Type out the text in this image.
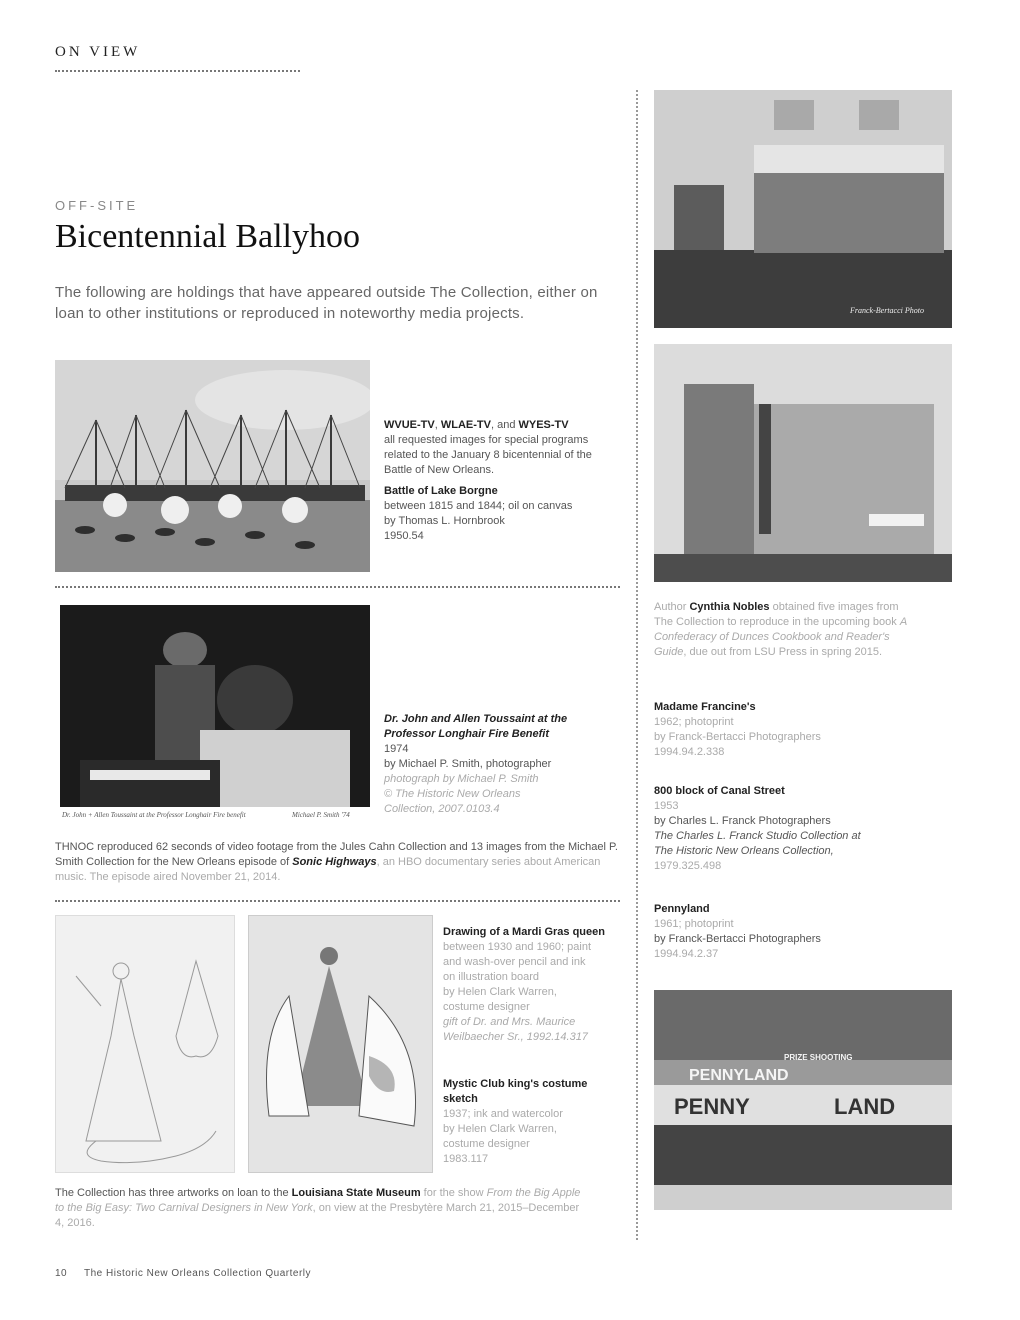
ON VIEW
OFF-SITE
Bicentennial Ballyhoo
The following are holdings that have appeared outside The Collection, either on loan to other institutions or reproduced in noteworthy media projects.
WVUE-TV, WLAE-TV, and WYES-TV
all requested images for special programs related to the January 8 bicentennial of the Battle of New Orleans.
Battle of Lake Borgne
between 1815 and 1844; oil on canvas
by Thomas L. Hornbrook
1950.54
Dr. John + Allen Toussaint at the Professor Longhair Fire benefit	Michael P. Smith '74
Dr. John and Allen Toussaint at the Professor Longhair Fire Benefit
1974
by Michael P. Smith, photographer
photograph by Michael P. Smith
© The Historic New Orleans
Collection, 2007.0103.4
THNOC reproduced 62 seconds of video footage from the Jules Cahn Collection and 13 images from the Michael P. Smith Collection for the New Orleans episode of Sonic Highways, an HBO documentary series about American music. The episode aired November 21, 2014.
Drawing of a Mardi Gras queen
between 1930 and 1960; paint
and wash-over pencil and ink
on illustration board
by Helen Clark Warren,
costume designer
gift of Dr. and Mrs. Maurice
Weilbaecher Sr., 1992.14.317
Mystic Club king's costume sketch
1937; ink and watercolor
by Helen Clark Warren,
costume designer
1983.117
The Collection has three artworks on loan to the Louisiana State Museum for the show From the Big Apple to the Big Easy: Two Carnival Designers in New York, on view at the Presbytère March 21, 2015–December 4, 2016.
Franck-Bertacci Photo
Author Cynthia Nobles obtained five images from The Collection to reproduce in the upcoming book A Confederacy of Dunces Cookbook and Reader's Guide, due out from LSU Press in spring 2015.
Madame Francine's
1962; photoprint
by Franck-Bertacci Photographers
1994.94.2.338
800 block of Canal Street
1953
by Charles L. Franck Photographers
The Charles L. Franck Studio Collection at
The Historic New Orleans Collection,
1979.325.498
Pennyland
1961; photoprint
by Franck-Bertacci Photographers
1994.94.2.37
PENNYLAND
PRIZE SHOOTING
PENNY	LAND
10 The Historic New Orleans Collection Quarterly
